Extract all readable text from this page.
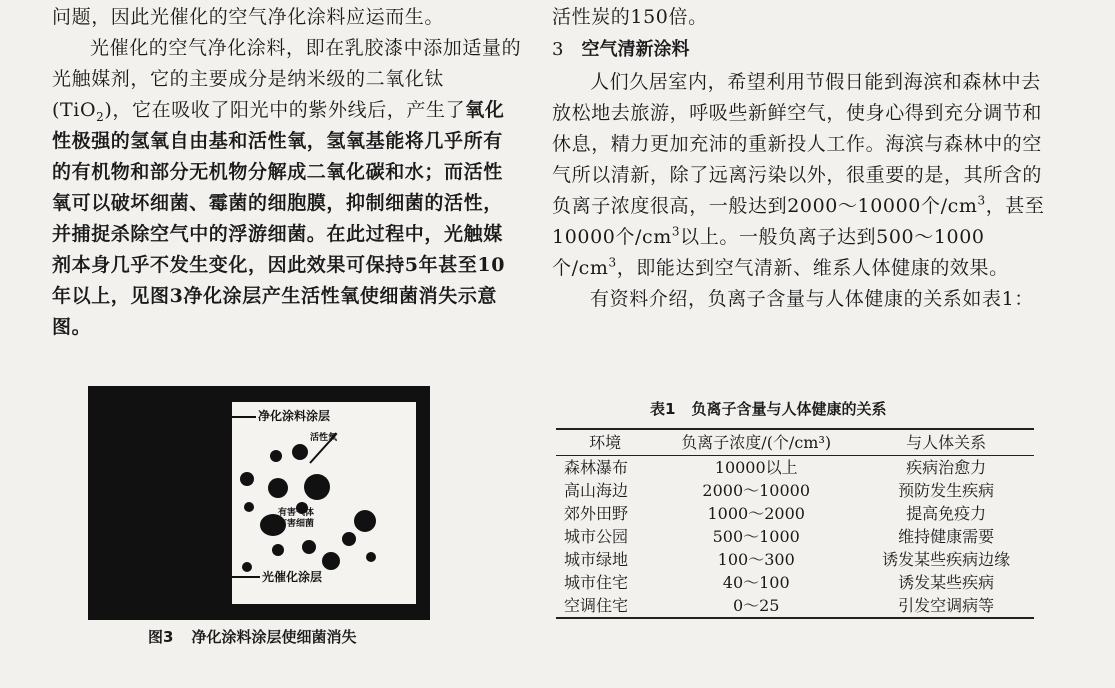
问题，因此光催化的空气净化涂料应运而生。

光催化的空气净化涂料，即在乳胶漆中添加适量的光触媒剂，它的主要成分是纳米级的二氧化钛(TiO$_2$)，它在吸收了阳光中的紫外线后，产生了氧化性极强的氢氧自由基和活性氧，氢氧基能将几乎所有的有机物和部分无机物分解成二氧化碳和水；而活性氧可以破坏细菌、霉菌的细胞膜，抑制细菌的活性，并捕捉杀除空气中的浮游细菌。在此过程中，光触媒剂本身几乎不发生变化，因此效果可保持5年甚至10年以上，见图3净化涂层产生活性氧使细菌消失示意图。

活性氧
有害气体
有害细菌
净化涂料涂层
光催化涂层
图3 净化涂料涂层使细菌消失

活性炭的150倍。

3 空气清新涂料

人们久居室内，希望利用节假日能到海滨和森林中去放松地去旅游，呼吸些新鲜空气，使身心得到充分调节和休息，精力更加充沛的重新投人工作。海滨与森林中的空气所以清新，除了远离污染以外，很重要的是，其所含的负离子浓度很高，一般达到2000～10000个$/cm^3$，甚至10000个$/cm^3$以上。一般负离子达到500～1000个$/cm^3$，即能达到空气清新、维系人体健康的效果。

有资料介绍，负离子含量与人体健康的关系如表1：

表1 负离子含量与人体健康的关系
环境	负离子浓度/(个/cm³)	与人体关系
森林瀑布	10000以上	疾病治愈力
高山海边	2000～10000	预防发生疾病
郊外田野	1000～2000	提高免疫力
城市公园	500～1000	维持健康需要
城市绿地	100～300	诱发某些疾病边缘
城市住宅	40～100	诱发某些疾病
空调住宅	0～25	引发空调病等
